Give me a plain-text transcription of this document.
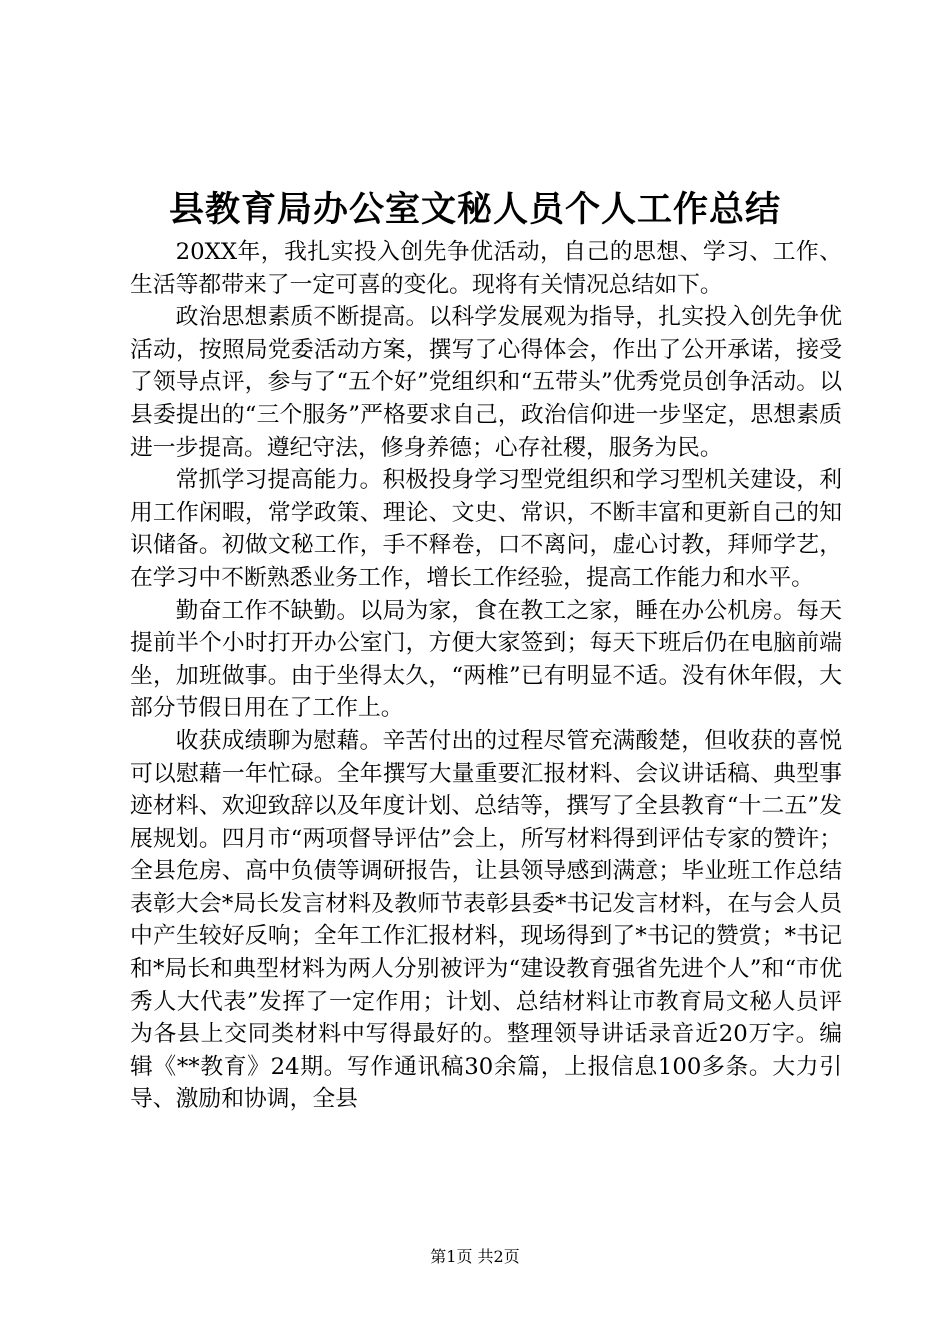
县教育局办公室文秘人员个人工作总结

20XX年，我扎实投入创先争优活动，自己的思想、学习、工作、生活等都带来了一定可喜的变化。现将有关情况总结如下。

政治思想素质不断提高。以科学发展观为指导，扎实投入创先争优活动，按照局党委活动方案，撰写了心得体会，作出了公开承诺，接受了领导点评，参与了“五个好”党组织和“五带头”优秀党员创争活动。以县委提出的“三个服务”严格要求自己，政治信仰进一步坚定，思想素质进一步提高。遵纪守法，修身养德；心存社稷，服务为民。

常抓学习提高能力。积极投身学习型党组织和学习型机关建设，利用工作闲暇，常学政策、理论、文史、常识，不断丰富和更新自己的知识储备。初做文秘工作，手不释卷，口不离问，虚心讨教，拜师学艺，在学习中不断熟悉业务工作，增长工作经验，提高工作能力和水平。

勤奋工作不缺勤。以局为家，食在教工之家，睡在办公机房。每天提前半个小时打开办公室门，方便大家签到；每天下班后仍在电脑前端坐，加班做事。由于坐得太久，“两椎”已有明显不适。没有休年假，大部分节假日用在了工作上。

收获成绩聊为慰藉。辛苦付出的过程尽管充满酸楚，但收获的喜悦可以慰藉一年忙碌。全年撰写大量重要汇报材料、会议讲话稿、典型事迹材料、欢迎致辞以及年度计划、总结等，撰写了全县教育“十二五”发展规划。四月市“两项督导评估”会上，所写材料得到评估专家的赞许；全县危房、高中负债等调研报告，让县领导感到满意；毕业班工作总结表彰大会*局长发言材料及教师节表彰县委*书记发言材料，在与会人员中产生较好反响；全年工作汇报材料，现场得到了*书记的赞赏；*书记和*局长和典型材料为两人分别被评为“建设教育强省先进个人”和“市优秀人大代表”发挥了一定作用；计划、总结材料让市教育局文秘人员评为各县上交同类材料中写得最好的。整理领导讲话录音近20万字。编辑《**教育》24期。写作通讯稿30余篇，上报信息100多条。大力引导、激励和协调，全县

第1页 共2页
